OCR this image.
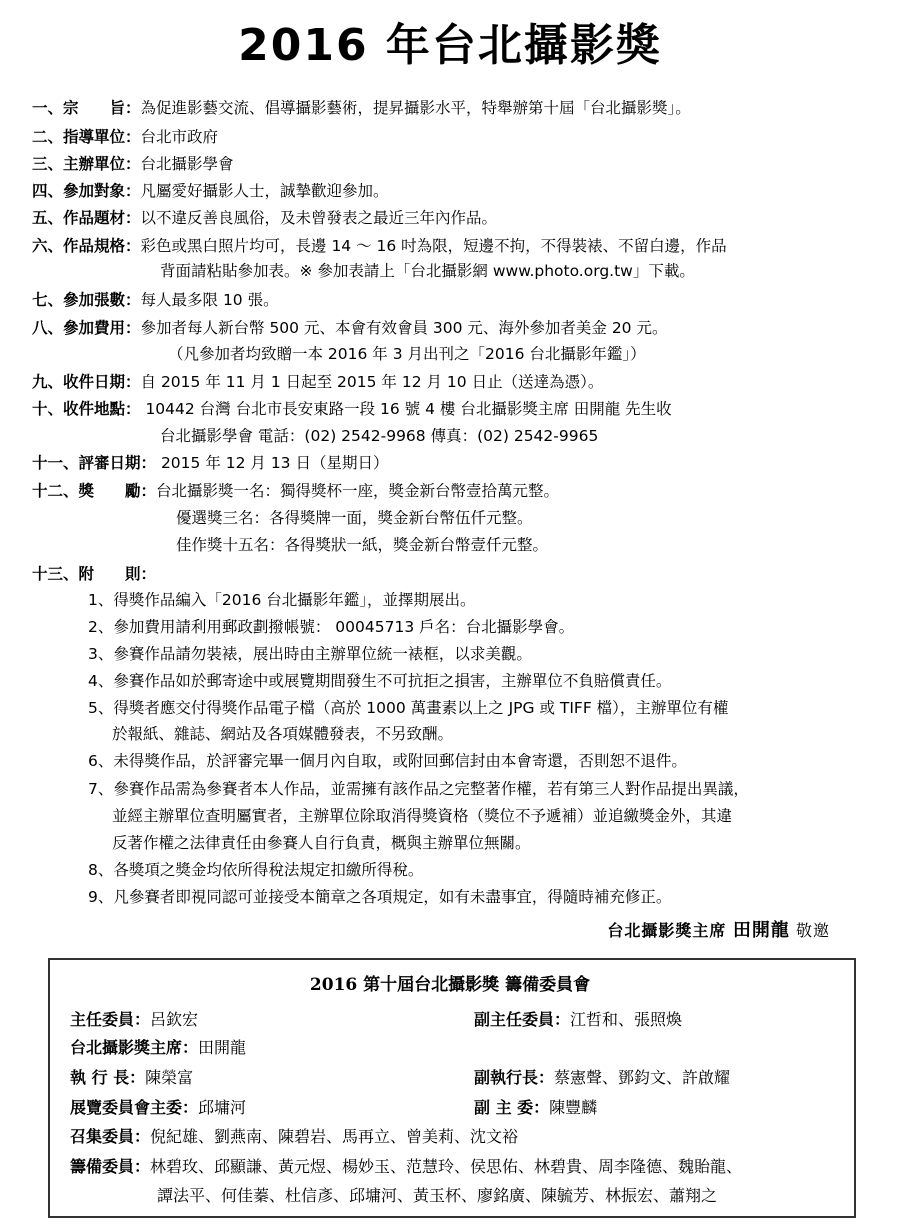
2016 年台北攝影獎
一、宗　　旨：為促進影藝交流、倡導攝影藝術，提昇攝影水平，特舉辦第十屆「台北攝影獎」。
二、指導單位：台北市政府
三、主辦單位：台北攝影學會
四、參加對象：凡屬愛好攝影人士，誠摯歡迎參加。
五、作品題材：以不違反善良風俗，及未曾發表之最近三年內作品。
六、作品規格：彩色或黑白照片均可，長邊 14 ～ 16 吋為限，短邊不拘，不得裝裱、不留白邊，作品
背面請粘貼參加表。※ 參加表請上「台北攝影網 www.photo.org.tw」下載。
七、參加張數：每人最多限 10 張。
八、參加費用：參加者每人新台幣 500 元、本會有效會員 300 元、海外參加者美金 20 元。
（凡參加者均致贈一本 2016 年 3 月出刊之「2016 台北攝影年鑑」）
九、收件日期：自 2015 年 11 月 1 日起至 2015 年 12 月 10 日止（送達為憑）。
十、收件地點： 10442 台灣 台北市長安東路一段 16 號 4 樓 台北攝影獎主席 田開龍 先生收
台北攝影學會 電話：(02) 2542-9968 傳真：(02) 2542-9965
十一、評審日期： 2015 年 12 月 13 日（星期日）
十二、獎　　勵：台北攝影獎一名：獨得獎杯一座，獎金新台幣壹拾萬元整。
優選獎三名：各得獎牌一面，獎金新台幣伍仟元整。
佳作獎十五名：各得獎狀一紙，獎金新台幣壹仟元整。
十三、附　　則：
1、得獎作品編入「2016 台北攝影年鑑」，並擇期展出。
2、參加費用請利用郵政劃撥帳號： 00045713 戶名：台北攝影學會。
3、參賽作品請勿裝裱，展出時由主辦單位統一裱框，以求美觀。
4、參賽作品如於郵寄途中或展覽期間發生不可抗拒之損害，主辦單位不負賠償責任。
5、得獎者應交付得獎作品電子檔（高於 1000 萬畫素以上之 JPG 或 TIFF 檔），主辦單位有權
於報紙、雜誌、網站及各項媒體發表，不另致酬。
6、未得獎作品，於評審完畢一個月內自取，或附回郵信封由本會寄還，否則恕不退件。
7、參賽作品需為參賽者本人作品，並需擁有該作品之完整著作權，若有第三人對作品提出異議，
並經主辦單位查明屬實者，主辦單位除取消得獎資格（獎位不予遞補）並追繳獎金外，其違
反著作權之法律責任由參賽人自行負責，概與主辦單位無關。
8、各獎項之獎金均依所得稅法規定扣繳所得稅。
9、凡參賽者即視同認可並接受本簡章之各項規定，如有未盡事宜，得隨時補充修正。
台北攝影獎主席 田開龍 敬邀
2016 第十屆台北攝影獎 籌備委員會
主任委員：呂欽宏	副主任委員：江哲和、張照煥
台北攝影獎主席：田開龍
執 行 長：陳榮富	副執行長：蔡憲聲、鄧鈞文、許啟耀
展覽委員會主委：邱墉河	副 主 委：陳豐麟
召集委員：倪紀雄、劉燕南、陳碧岩、馬再立、曾美莉、沈文裕
籌備委員：林碧玫、邱顯謙、黃元煜、楊妙玉、范慧玲、侯思佑、林碧貴、周李隆德、魏貽龍、
譚法平、何佳蓁、杜信彥、邱墉河、黃玉杯、廖銘廣、陳毓芳、林振宏、蕭翔之
